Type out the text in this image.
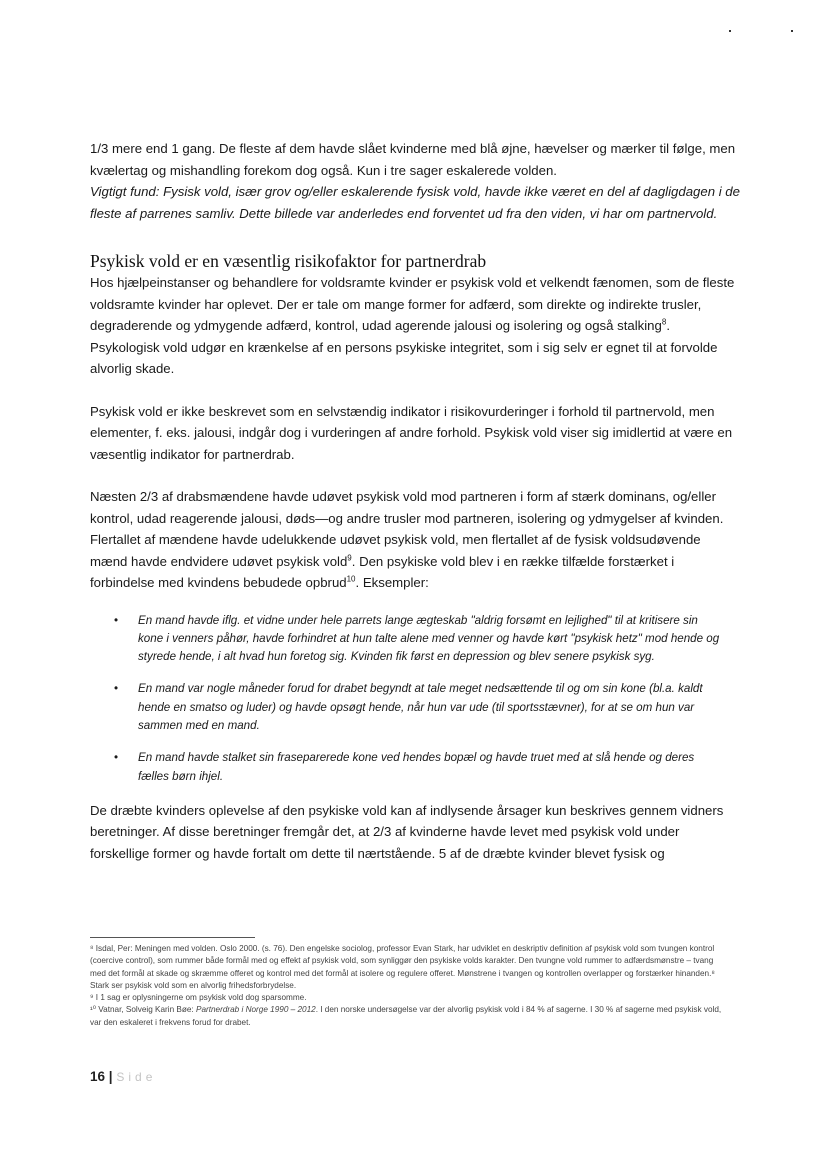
1/3 mere end 1 gang. De fleste af dem havde slået kvinderne med blå øjne, hævelser og mærker til følge, men kvælertag og mishandling forekom dog også. Kun i tre sager eskalerede volden.

Vigtigt fund: Fysisk vold, især grov og/eller eskalerende fysisk vold, havde ikke været en del af dagligdagen i de fleste af parrenes samliv. Dette billede var anderledes end forventet ud fra den viden, vi har om partnervold.

Psykisk vold er en væsentlig risikofaktor for partnerdrab

Hos hjælpeinstanser og behandlere for voldsramte kvinder er psykisk vold et velkendt fænomen, som de fleste voldsramte kvinder har oplevet. Der er tale om mange former for adfærd, som direkte og indirekte trusler, degraderende og ydmygende adfærd, kontrol, udad agerende jalousi og isolering og også stalking$^8$. Psykologisk vold udgør en krænkelse af en persons psykiske integritet, som i sig selv er egnet til at forvolde alvorlig skade.

Psykisk vold er ikke beskrevet som en selvstændig indikator i risikovurderinger i forhold til partnervold, men elementer, f. eks. jalousi, indgår dog i vurderingen af andre forhold. Psykisk vold viser sig imidlertid at være en væsentlig indikator for partnerdrab.

Næsten 2/3 af drabsmændene havde udøvet psykisk vold mod partneren i form af stærk dominans, og/eller kontrol, udad reagerende jalousi, døds—og andre trusler mod partneren, isolering og ydmygelser af kvinden. Flertallet af mændene havde udelukkende udøvet psykisk vold, men flertallet af de fysisk voldsudøvende mænd havde endvidere udøvet psykisk vold$^9$. Den psykiske vold blev i en række tilfælde forstærket i forbindelse med kvindens bebudede opbrud$^{10}$. Eksempler:

• En mand havde iflg. et vidne under hele parrets lange ægteskab "aldrig forsømt en lejlighed" til at kritisere sin kone i venners påhør, havde forhindret at hun talte alene med venner og havde kørt "psykisk hetz" mod hende og styrede hende, i alt hvad hun foretog sig. Kvinden fik først en depression og blev senere psykisk syg.
• En mand var nogle måneder forud for drabet begyndt at tale meget nedsættende til og om sin kone (bl.a. kaldt hende en smatso og luder) og havde opsøgt hende, når hun var ude (til sportsstævner), for at se om hun var sammen med en mand.
• En mand havde stalket sin fraseparerede kone ved hendes bopæl og havde truet med at slå hende og deres fælles børn ihjel.

De dræbte kvinders oplevelse af den psykiske vold kan af indlysende årsager kun beskrives gennem vidners beretninger. Af disse beretninger fremgår det, at 2/3 af kvinderne havde levet med psykisk vold under forskellige former og havde fortalt om dette til nærtstående. 5 af de dræbte kvinder blevet fysisk og

⁸ Isdal, Per: Meningen med volden. Oslo 2000. (s. 76). Den engelske sociolog, professor Evan Stark, har udviklet en deskriptiv definition af psykisk vold som tvungen kontrol (coercive control), som rummer både formål med og effekt af psykisk vold, som synliggør den psykiske volds karakter. Den tvungne vold rummer to adfærdsmønstre – tvang med det formål at skade og skræmme offeret og kontrol med det formål at isolere og regulere offeret. Mønstrene i tvangen og kontrollen overlapper og forstærker hinanden.⁸ Stark ser psykisk vold som en alvorlig frihedsforbrydelse.

⁹ I 1 sag er oplysningerne om psykisk vold dog sparsomme.

¹⁰ Vatnar, Solveig Karin Bøe: Partnerdrab i Norge 1990 – 2012. I den norske undersøgelse var der alvorlig psykisk vold i 84 % af sagerne. I 30 % af sagerne med psykisk vold, var den eskaleret i frekvens forud for drabet.

16 | Side
